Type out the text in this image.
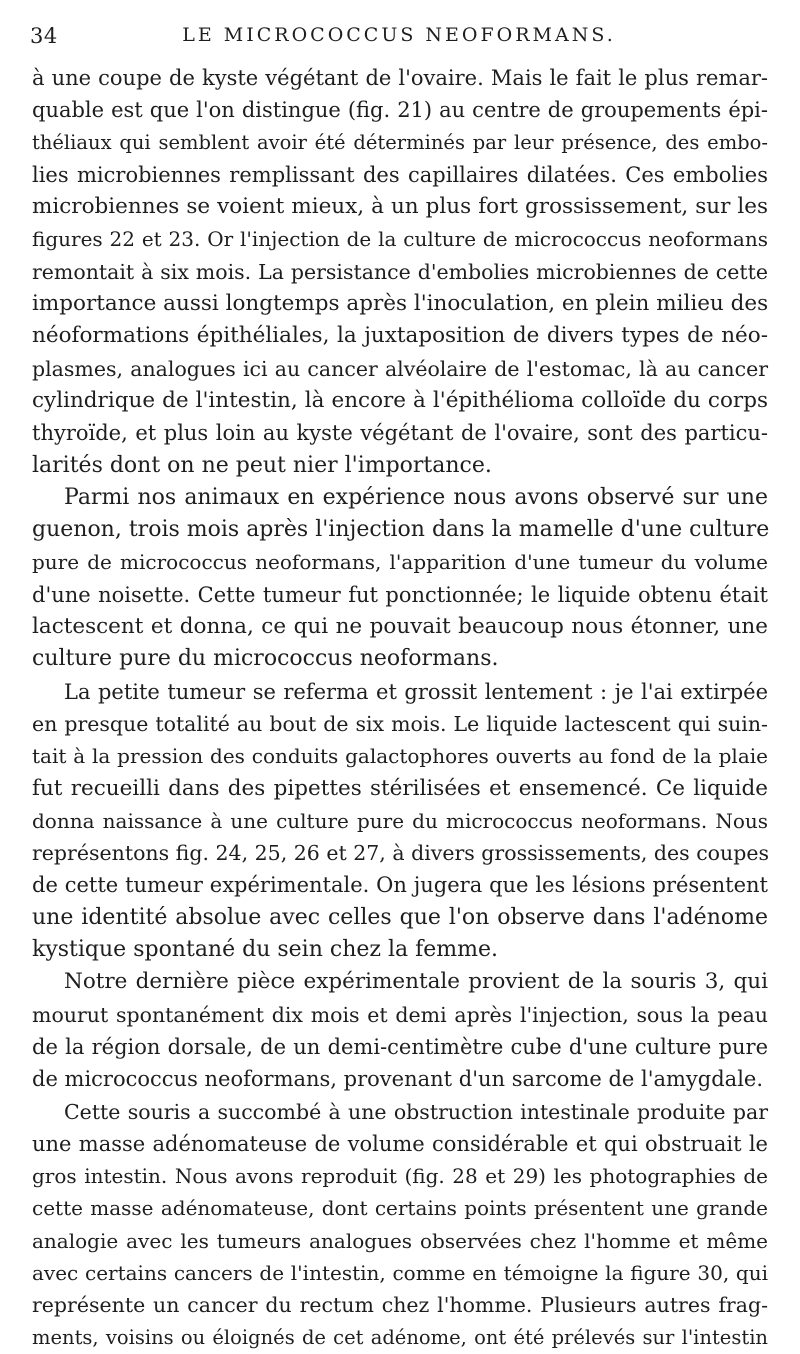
34	LE MICROCOCCUS NEOFORMANS.
à une coupe de kyste végétant de l'ovaire. Mais le fait le plus remar-
quable est que l'on distingue (fig. 21) au centre de groupements épi-
théliaux qui semblent avoir été déterminés par leur présence, des embo-
lies microbiennes remplissant des capillaires dilatées. Ces embolies
microbiennes se voient mieux, à un plus fort grossissement, sur les
figures 22 et 23. Or l'injection de la culture de micrococcus neoformans
remontait à six mois. La persistance d'embolies microbiennes de cette
importance aussi longtemps après l'inoculation, en plein milieu des
néoformations épithéliales, la juxtaposition de divers types de néo-
plasmes, analogues ici au cancer alvéolaire de l'estomac, là au cancer
cylindrique de l'intestin, là encore à l'épithélioma colloïde du corps
thyroïde, et plus loin au kyste végétant de l'ovaire, sont des particu-
larités dont on ne peut nier l'importance.
Parmi nos animaux en expérience nous avons observé sur une
guenon, trois mois après l'injection dans la mamelle d'une culture
pure de micrococcus neoformans, l'apparition d'une tumeur du volume
d'une noisette. Cette tumeur fut ponctionnée; le liquide obtenu était
lactescent et donna, ce qui ne pouvait beaucoup nous étonner, une
culture pure du micrococcus neoformans.
La petite tumeur se referma et grossit lentement : je l'ai extirpée
en presque totalité au bout de six mois. Le liquide lactescent qui suin-
tait à la pression des conduits galactophores ouverts au fond de la plaie
fut recueilli dans des pipettes stérilisées et ensemencé. Ce liquide
donna naissance à une culture pure du micrococcus neoformans. Nous
représentons fig. 24, 25, 26 et 27, à divers grossissements, des coupes
de cette tumeur expérimentale. On jugera que les lésions présentent
une identité absolue avec celles que l'on observe dans l'adénome
kystique spontané du sein chez la femme.
Notre dernière pièce expérimentale provient de la souris 3, qui
mourut spontanément dix mois et demi après l'injection, sous la peau
de la région dorsale, de un demi-centimètre cube d'une culture pure
de micrococcus neoformans, provenant d'un sarcome de l'amygdale.
Cette souris a succombé à une obstruction intestinale produite par
une masse adénomateuse de volume considérable et qui obstruait le
gros intestin. Nous avons reproduit (fig. 28 et 29) les photographies de
cette masse adénomateuse, dont certains points présentent une grande
analogie avec les tumeurs analogues observées chez l'homme et même
avec certains cancers de l'intestin, comme en témoigne la figure 30, qui
représente un cancer du rectum chez l'homme. Plusieurs autres frag-
ments, voisins ou éloignés de cet adénome, ont été prélevés sur l'intestin
